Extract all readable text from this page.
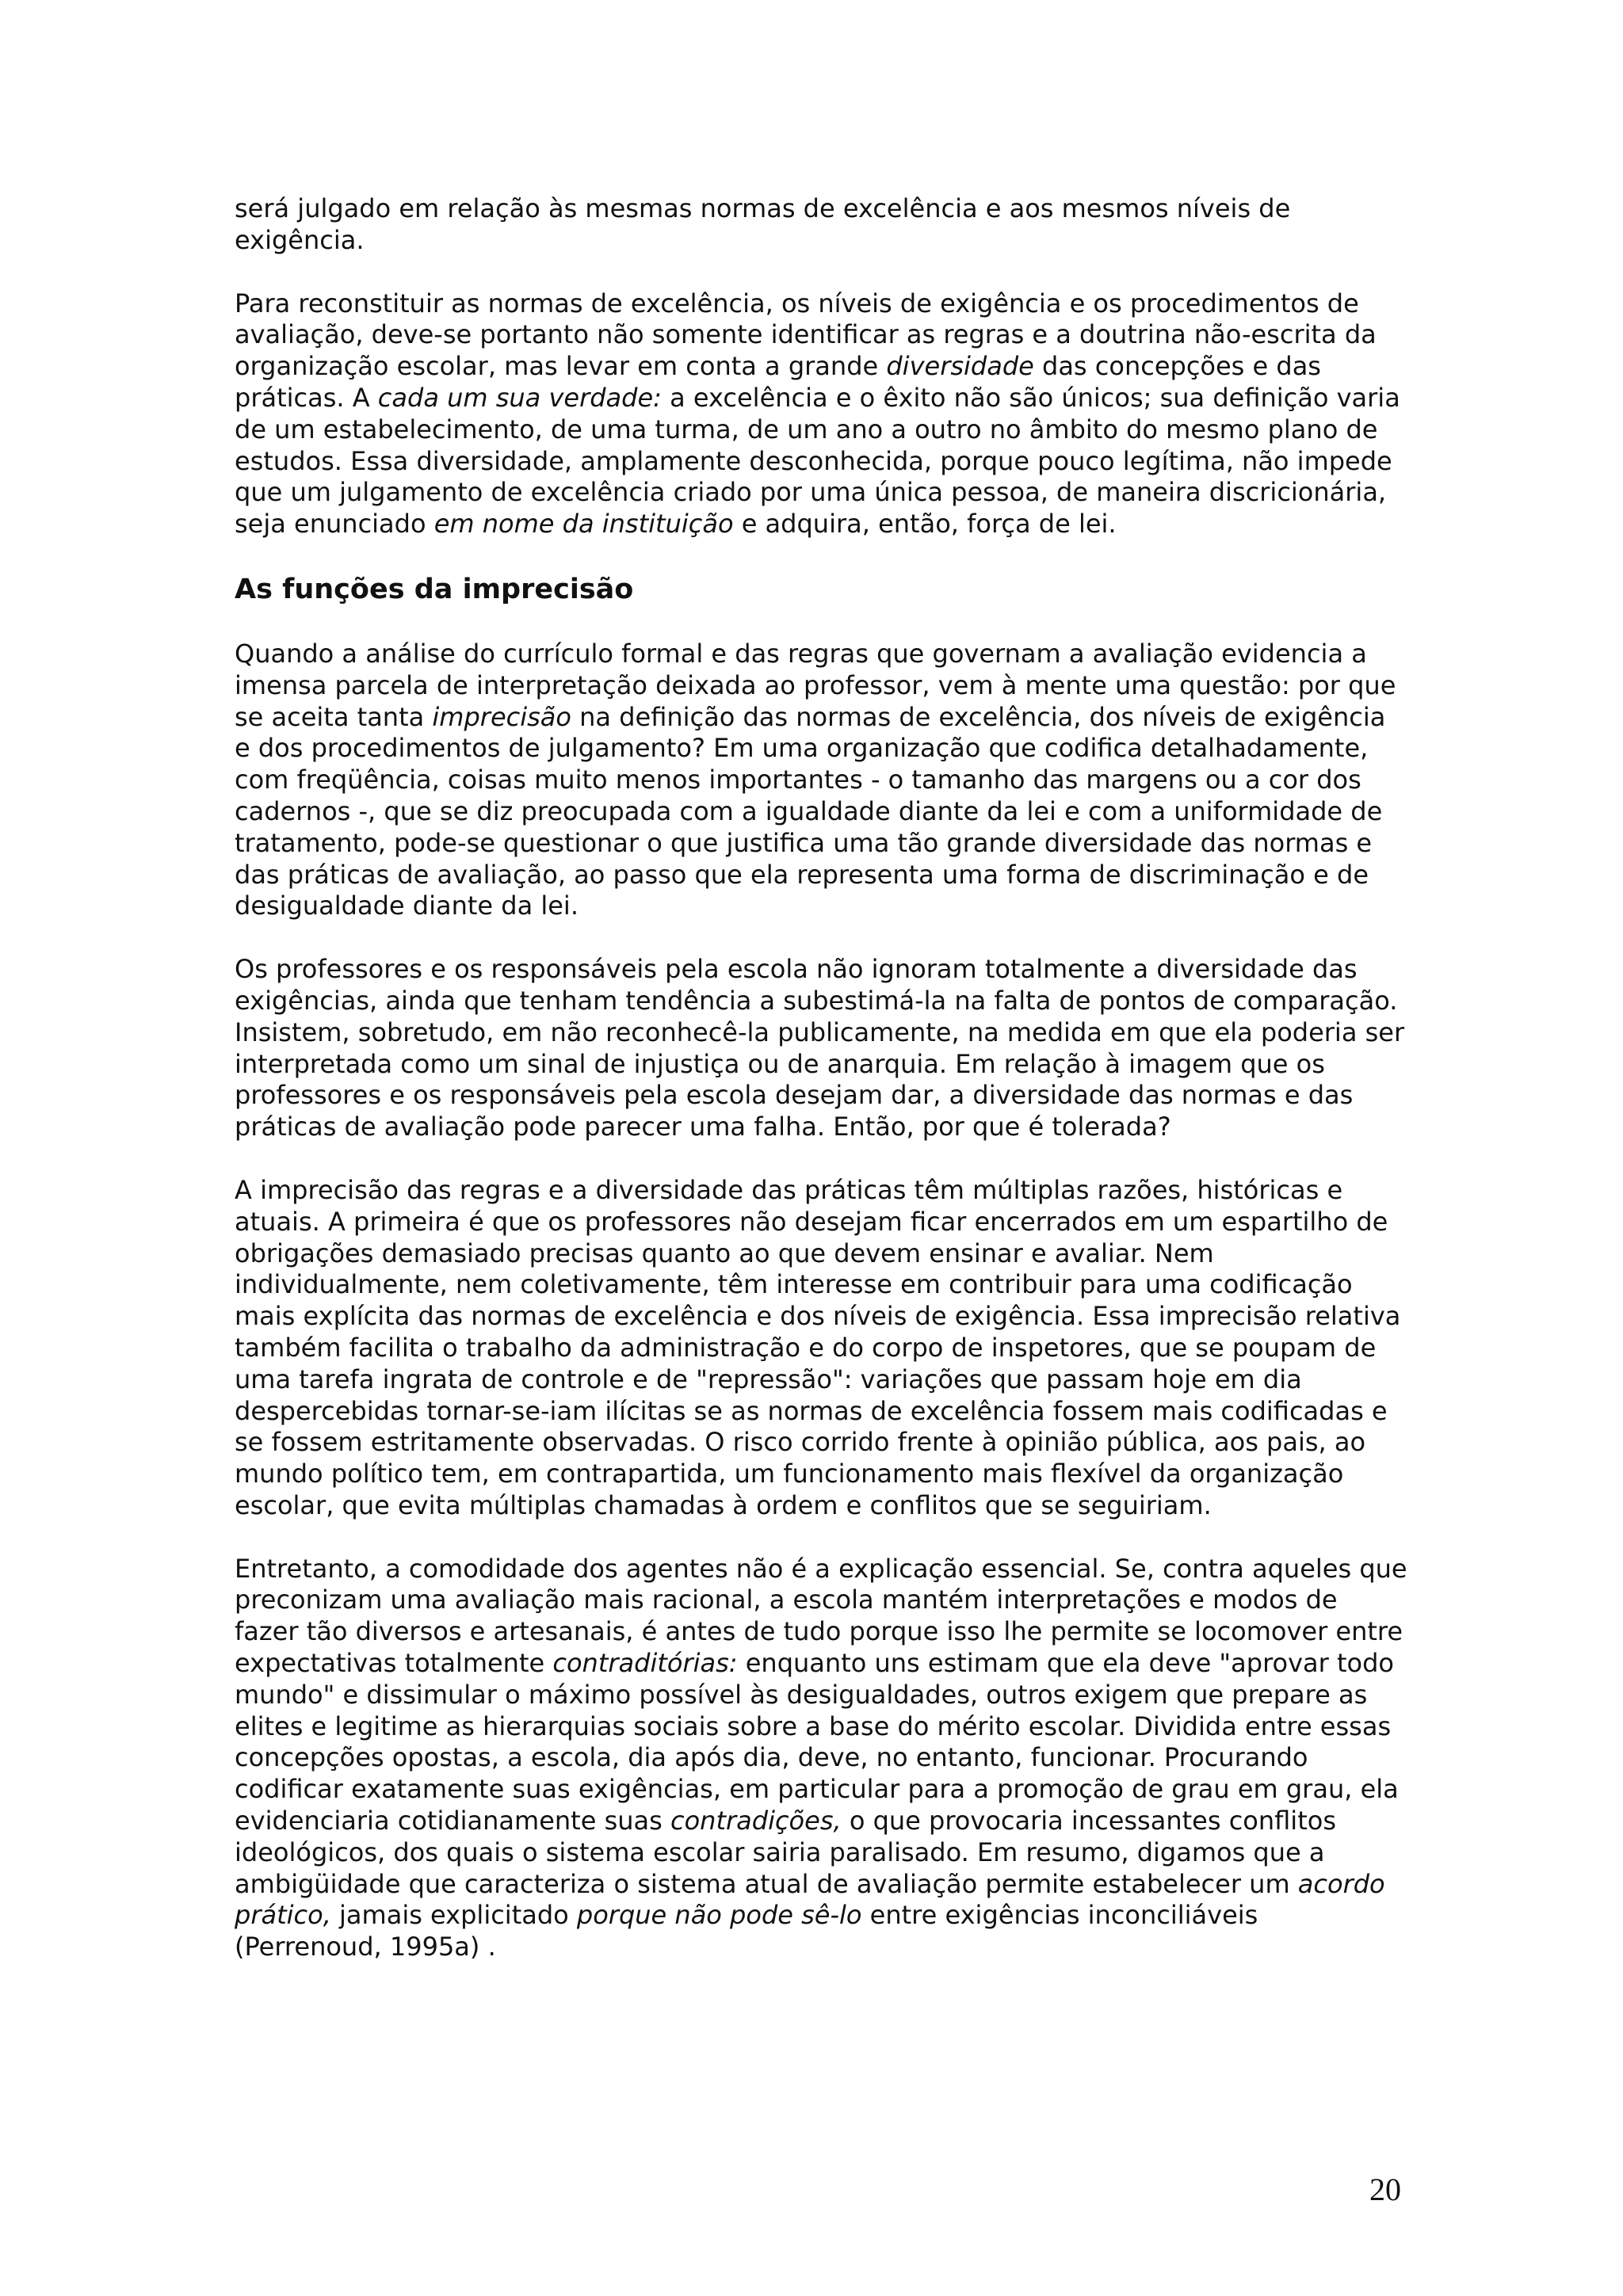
será julgado em relação às mesmas normas de excelência e aos mesmos níveis de exigência.

Para reconstituir as normas de excelência, os níveis de exigência e os procedimentos de avaliação, deve-se portanto não somente identificar as regras e a doutrina não-escrita da organização escolar, mas levar em conta a grande diversidade das concepções e das práticas. A cada um sua verdade: a excelência e o êxito não são únicos; sua definição varia de um estabelecimento, de uma turma, de um ano a outro no âmbito do mesmo plano de estudos. Essa diversidade, amplamente desconhecida, porque pouco legítima, não impede que um julgamento de excelência criado por uma única pessoa, de maneira discricionária, seja enunciado em nome da instituição e adquira, então, força de lei.

As funções da imprecisão

Quando a análise do currículo formal e das regras que governam a avaliação evidencia a imensa parcela de interpretação deixada ao professor, vem à mente uma questão: por que se aceita tanta imprecisão na definição das normas de excelência, dos níveis de exigência e dos procedimentos de julgamento? Em uma organização que codifica detalhadamente, com freqüência, coisas muito menos importantes - o tamanho das margens ou a cor dos cadernos -, que se diz preocupada com a igualdade diante da lei e com a uniformidade de tratamento, pode-se questionar o que justifica uma tão grande diversidade das normas e das práticas de avaliação, ao passo que ela representa uma forma de discriminação e de desigualdade diante da lei.

Os professores e os responsáveis pela escola não ignoram totalmente a diversidade das exigências, ainda que tenham tendência a subestimá-la na falta de pontos de comparação. Insistem, sobretudo, em não reconhecê-la publicamente, na medida em que ela poderia ser interpretada como um sinal de injustiça ou de anarquia. Em relação à imagem que os professores e os responsáveis pela escola desejam dar, a diversidade das normas e das práticas de avaliação pode parecer uma falha. Então, por que é tolerada?

A imprecisão das regras e a diversidade das práticas têm múltiplas razões, históricas e atuais. A primeira é que os professores não desejam ficar encerrados em um espartilho de obrigações demasiado precisas quanto ao que devem ensinar e avaliar. Nem individualmente, nem coletivamente, têm interesse em contribuir para uma codificação mais explícita das normas de excelência e dos níveis de exigência. Essa imprecisão relativa também facilita o trabalho da administração e do corpo de inspetores, que se poupam de uma tarefa ingrata de controle e de "repressão": variações que passam hoje em dia despercebidas tornar-se-iam ilícitas se as normas de excelência fossem mais codificadas e se fossem estritamente observadas. O risco corrido frente à opinião pública, aos pais, ao mundo político tem, em contrapartida, um funcionamento mais flexível da organização escolar, que evita múltiplas chamadas à ordem e conflitos que se seguiriam.

Entretanto, a comodidade dos agentes não é a explicação essencial. Se, contra aqueles que preconizam uma avaliação mais racional, a escola mantém interpretações e modos de fazer tão diversos e artesanais, é antes de tudo porque isso lhe permite se locomover entre expectativas totalmente contraditórias: enquanto uns estimam que ela deve "aprovar todo mundo" e dissimular o máximo possível às desigualdades, outros exigem que prepare as elites e legitime as hierarquias sociais sobre a base do mérito escolar. Dividida entre essas concepções opostas, a escola, dia após dia, deve, no entanto, funcionar. Procurando codificar exatamente suas exigências, em particular para a promoção de grau em grau, ela evidenciaria cotidianamente suas contradições, o que provocaria incessantes conflitos ideológicos, dos quais o sistema escolar sairia paralisado. Em resumo, digamos que a ambigüidade que caracteriza o sistema atual de avaliação permite estabelecer um acordo prático, jamais explicitado porque não pode sê-lo entre exigências inconciliáveis (Perrenoud, 1995a) .

20
